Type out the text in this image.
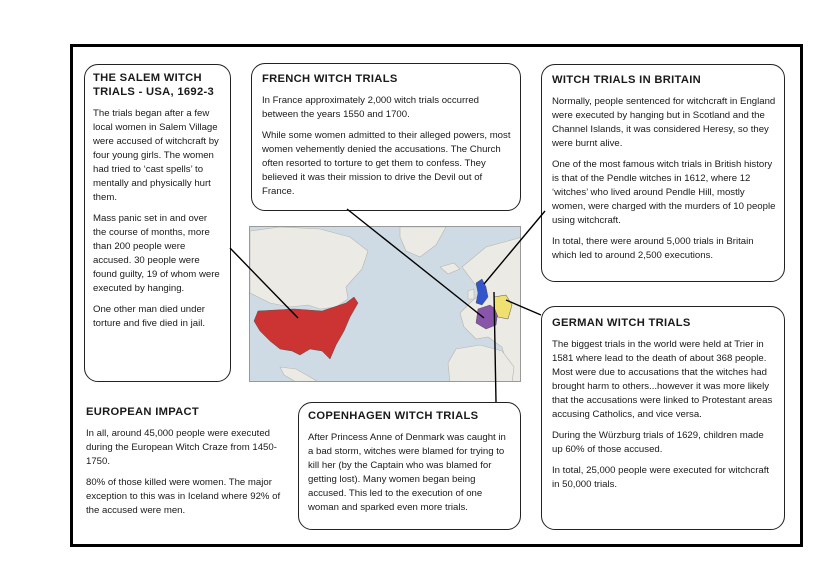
THE SALEM WITCH
TRIALS - USA, 1692-3

The trials began after a few local women in Salem Village were accused of witchcraft by four young girls. The women had tried to ‘cast spells’ to mentally and physically hurt them.

Mass panic set in and over the course of months, more than 200 people were accused. 30 people were found guilty, 19 of whom were executed by hanging.

One other man died under torture and five died in jail.

FRENCH WITCH TRIALS

In France approximately 2,000 witch trials occurred between the years 1550 and 1700.

While some women admitted to their alleged powers, most women vehemently denied the accusations. The Church often resorted to torture to get them to confess. They believed it was their mission to drive the Devil out of France.

WITCH TRIALS IN BRITAIN

Normally, people sentenced for witchcraft in England were executed by hanging but in Scotland and the Channel Islands, it was considered Heresy, so they were burnt alive.

One of the most famous witch trials in British history is that of the Pendle witches in 1612, where 12 ‘witches’ who lived around Pendle Hill, mostly women, were charged with the murders of 10 people using witchcraft.

In total, there were around 5,000 trials in Britain which led to around 2,500 executions.

GERMAN WITCH TRIALS

The biggest trials in the world were held at Trier in 1581 where lead to the death of about 368 people. Most were due to accusations that the witches had brought harm to others...however it was more likely that the accusations were linked to Protestant areas accusing Catholics, and vice versa.

During the Würzburg trials of 1629, children made up 60% of those accused.

In total, 25,000 people were executed for witchcraft in 50,000 trials.

COPENHAGEN WITCH TRIALS

After Princess Anne of Denmark was caught in a bad storm, witches were blamed for trying to kill her (by the Captain who was blamed for getting lost). Many women began being accused. This led to the execution of one woman and sparked even more trials.

EUROPEAN IMPACT

In all, around 45,000 people were executed during the European Witch Craze from 1450-1750.

80% of those killed were women. The major exception to this was in Iceland where 92% of the accused were men.
